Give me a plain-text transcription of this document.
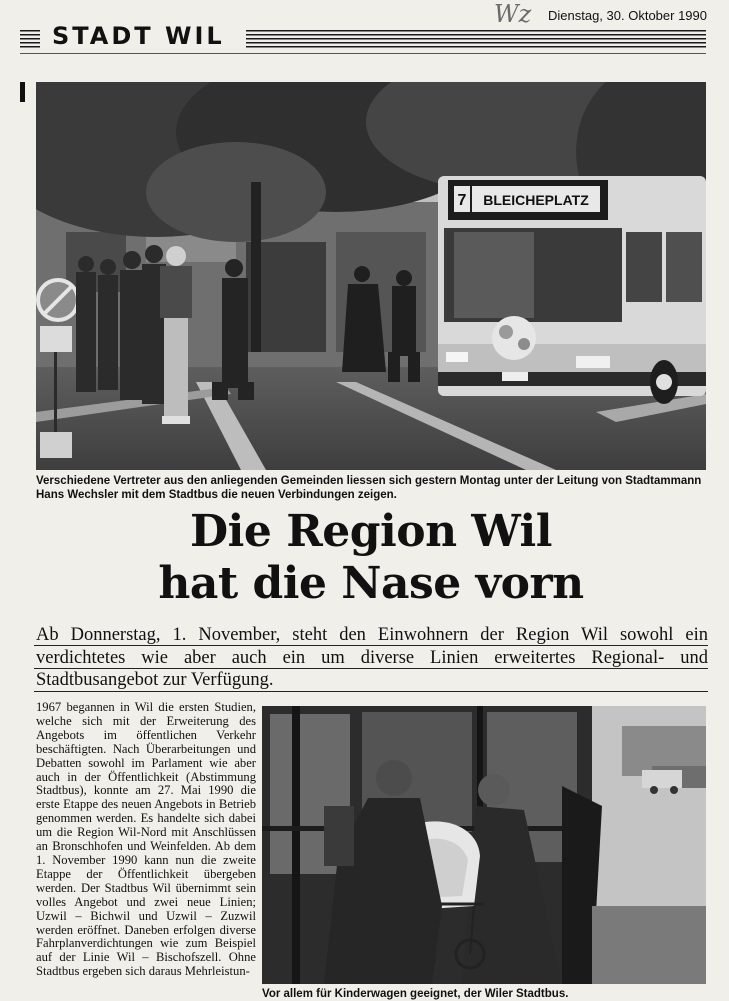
Wz Dienstag, 30. Oktober 1990
STADT WIL
7 BLEICHEPLATZ
Verschiedene Vertreter aus den anliegenden Gemeinden liessen sich gestern Montag unter der Leitung von Stadtammann Hans Wechsler mit dem Stadtbus die neuen Verbindungen zeigen.
Die Region Wil
hat die Nase vorn
Ab Donnerstag, 1. November, steht den Einwohnern der Region Wil sowohl ein verdichtetes wie aber auch ein um diverse Linien erweitertes Regional- und Stadtbusangebot zur Verfügung.
1967 begannen in Wil die ersten Studien, welche sich mit der Erweiterung des Angebots im öffentlichen Verkehr beschäftigten. Nach Überarbeitungen und Debatten sowohl im Parlament wie aber auch in der Öffentlichkeit (Abstimmung Stadtbus), konnte am 27. Mai 1990 die erste Etappe des neuen Angebots in Betrieb genommen werden. Es handelte sich dabei um die Region Wil-Nord mit Anschlüssen an Bronschhofen und Weinfelden. Ab dem 1. November 1990 kann nun die zweite Etappe der Öffentlichkeit übergeben werden. Der Stadtbus Wil übernimmt sein volles Angebot und zwei neue Linien; Uzwil – Bichwil und Uzwil – Zuzwil werden eröffnet. Daneben erfolgen diverse Fahrplanverdichtungen wie zum Beispiel auf der Linie Wil – Bischofszell. Ohne Stadtbus ergeben sich daraus Mehrleistun-
Vor allem für Kinderwagen geeignet, der Wiler Stadtbus.
